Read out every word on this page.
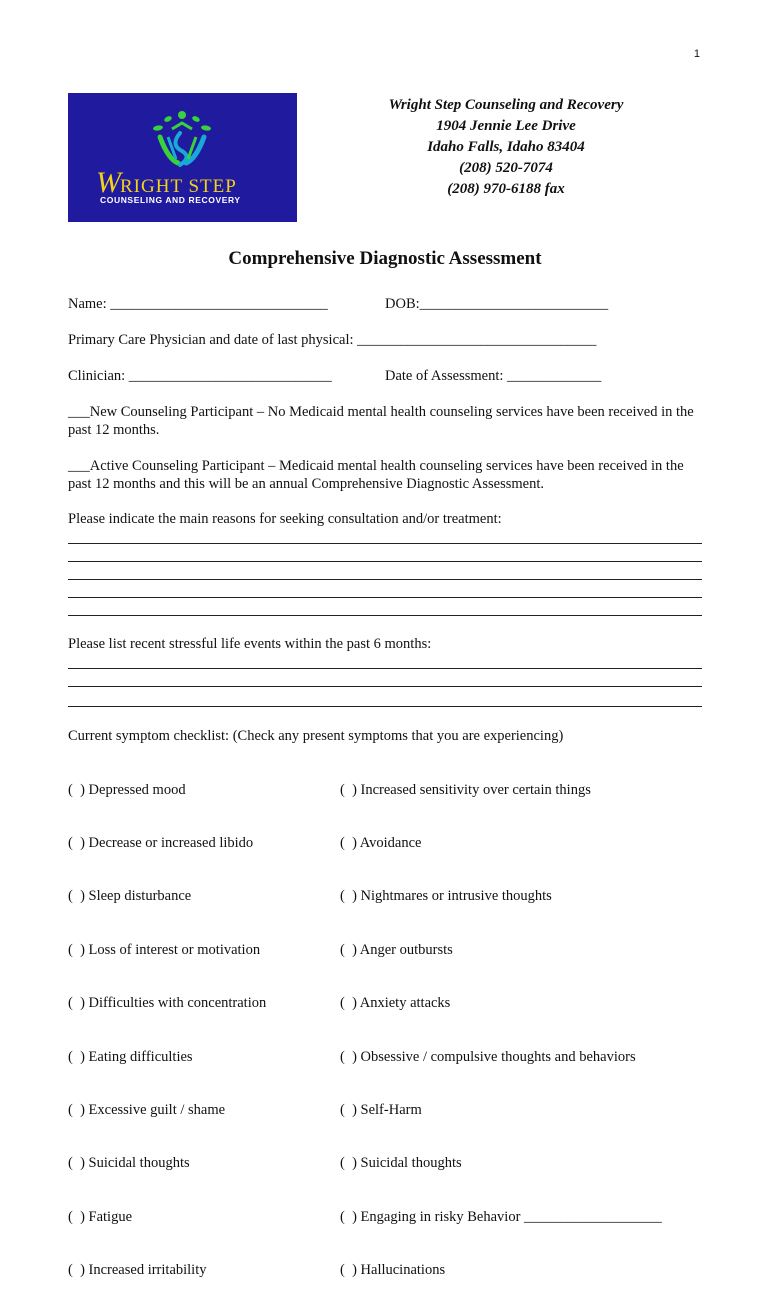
1
WRIGHT STEP
COUNSELING AND RECOVERY
Wright Step Counseling and Recovery
1904 Jennie Lee Drive
Idaho Falls, Idaho 83404
(208) 520-7074
(208) 970-6188 fax
Comprehensive Diagnostic Assessment
Name: ______________________________	DOB:__________________________
Primary Care Physician and date of last physical: _________________________________
Clinician: ____________________________	Date of Assessment: _____________
___New Counseling Participant – No Medicaid mental health counseling services have been received in the past 12 months.
___Active Counseling Participant – Medicaid mental health counseling services have been received in the past 12 months and this will be an annual Comprehensive Diagnostic Assessment.
Please indicate the main reasons for seeking consultation and/or treatment:
Please list recent stressful life events within the past 6 months:
Current symptom checklist: (Check any present symptoms that you are experiencing)

(  ) Depressed mood

(  ) Decrease or increased libido

(  ) Sleep disturbance

(  ) Loss of interest or motivation

(  ) Difficulties with concentration

(  ) Eating difficulties

(  ) Excessive guilt / shame

(  ) Suicidal thoughts

(  ) Fatigue

(  ) Increased irritability

(  ) Increased sensitivity over certain things

(  ) Avoidance

(  ) Nightmares or intrusive thoughts

(  ) Anger outbursts

(  ) Anxiety attacks

(  ) Obsessive / compulsive thoughts and behaviors

(  ) Self-Harm

(  ) Suicidal thoughts

(  ) Engaging in risky Behavior ___________________

(  ) Hallucinations
